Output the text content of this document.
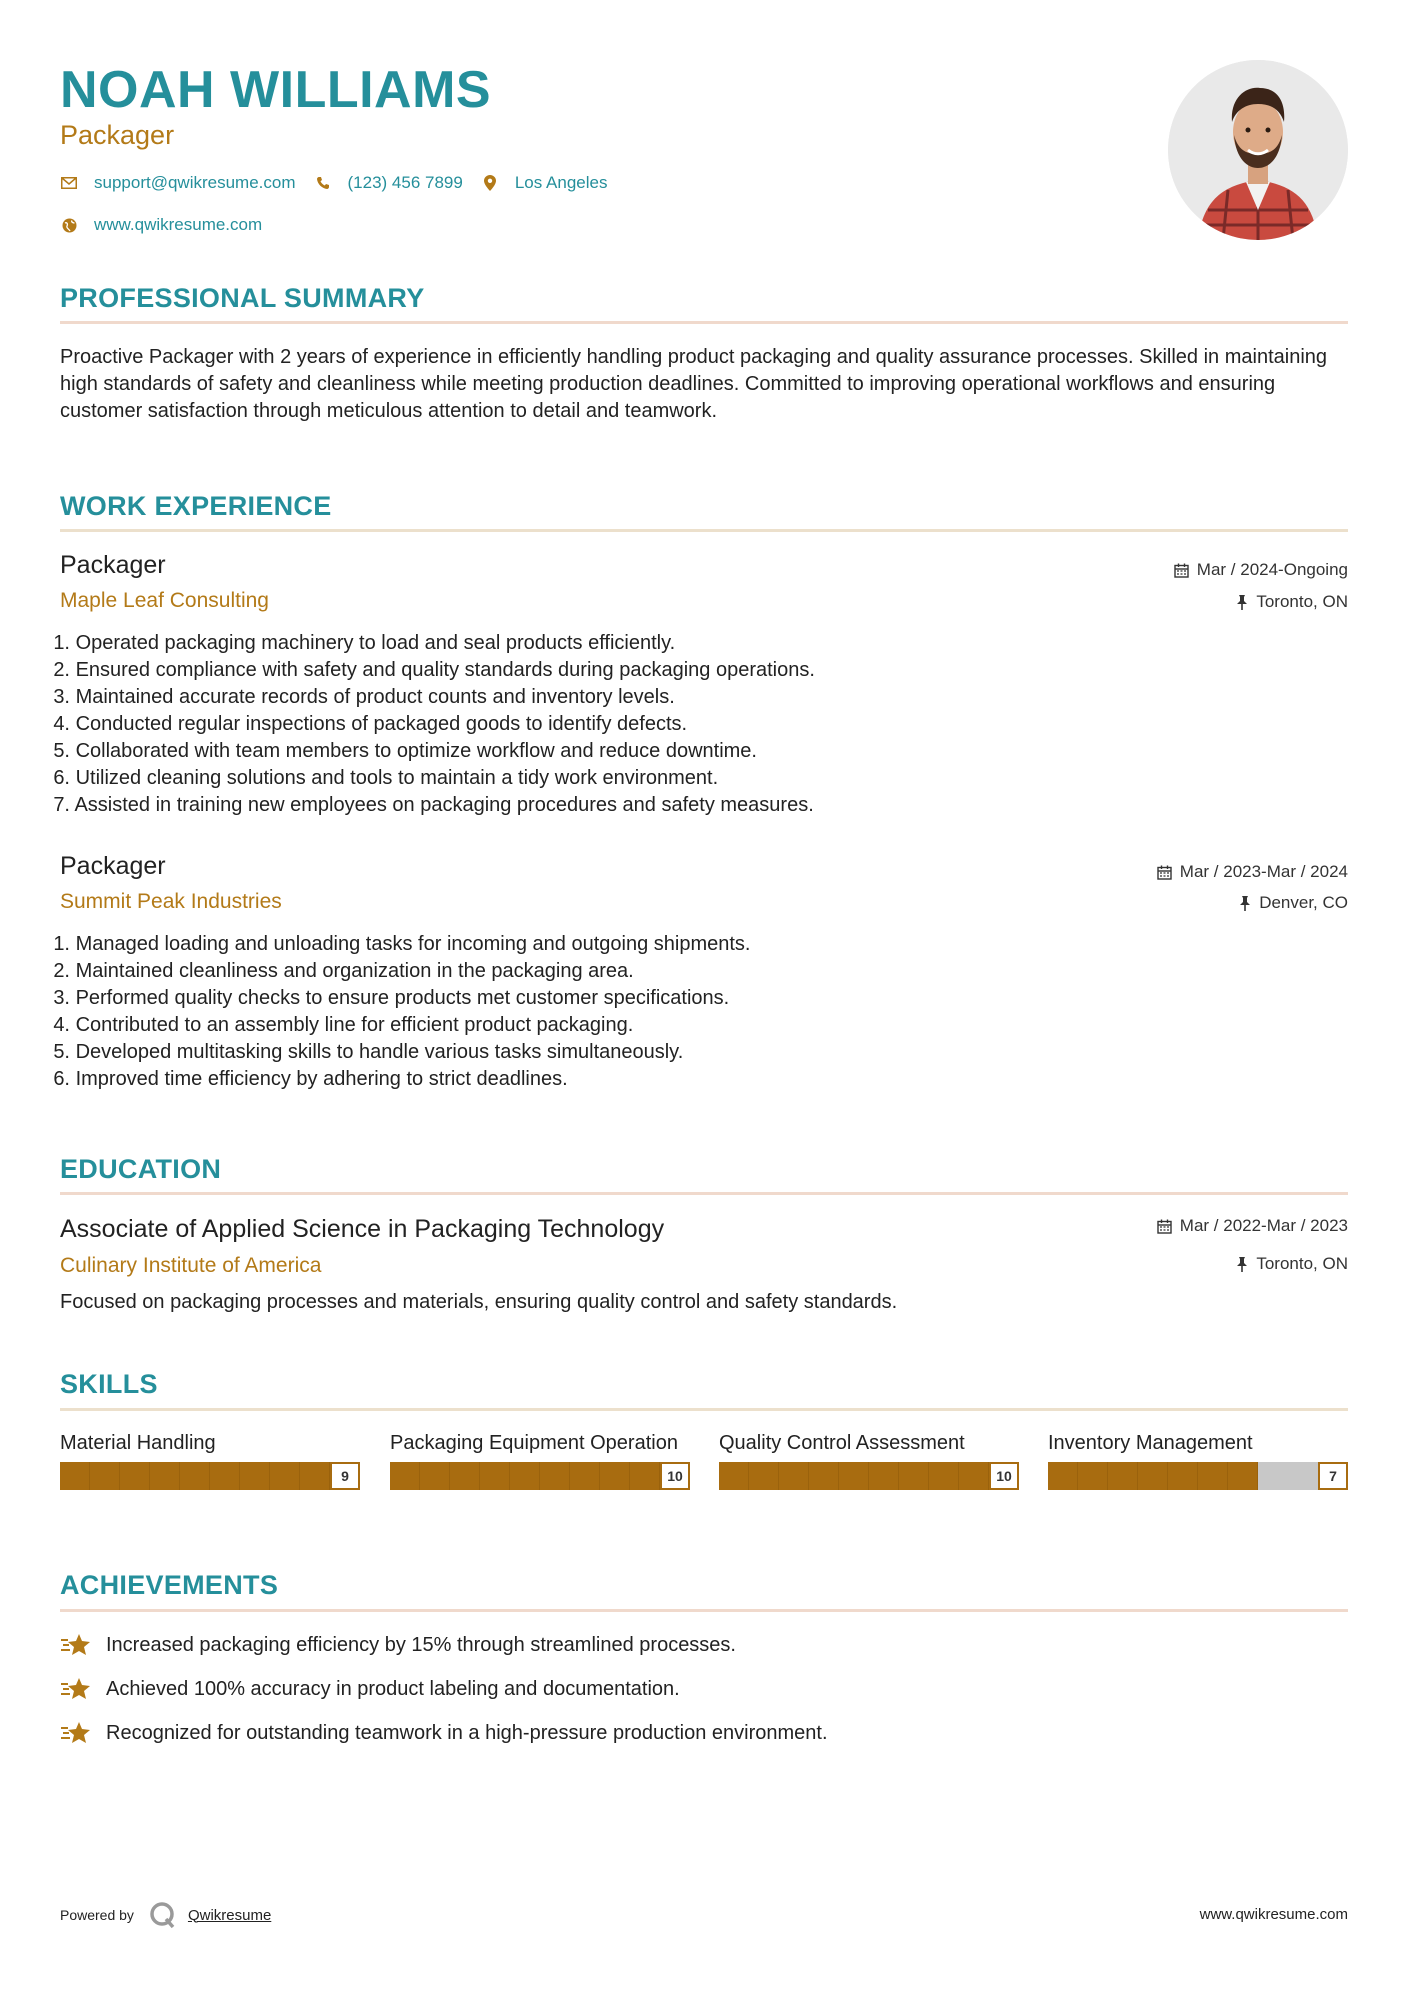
NOAH WILLIAMS
Packager
support@qwikresume.com	(123) 456 7899	Los Angeles
www.qwikresume.com
PROFESSIONAL SUMMARY
Proactive Packager with 2 years of experience in efficiently handling product packaging and quality assurance processes. Skilled in maintaining high standards of safety and cleanliness while meeting production deadlines. Committed to improving operational workflows and ensuring customer satisfaction through meticulous attention to detail and teamwork.
WORK EXPERIENCE
Packager
Maple Leaf Consulting
Mar / 2024-Ongoing
Toronto, ON
1. Operated packaging machinery to load and seal products efficiently.
2. Ensured compliance with safety and quality standards during packaging operations.
3. Maintained accurate records of product counts and inventory levels.
4. Conducted regular inspections of packaged goods to identify defects.
5. Collaborated with team members to optimize workflow and reduce downtime.
6. Utilized cleaning solutions and tools to maintain a tidy work environment.
7. Assisted in training new employees on packaging procedures and safety measures.
Packager
Summit Peak Industries
Mar / 2023-Mar / 2024
Denver, CO
1. Managed loading and unloading tasks for incoming and outgoing shipments.
2. Maintained cleanliness and organization in the packaging area.
3. Performed quality checks to ensure products met customer specifications.
4. Contributed to an assembly line for efficient product packaging.
5. Developed multitasking skills to handle various tasks simultaneously.
6. Improved time efficiency by adhering to strict deadlines.
EDUCATION
Associate of Applied Science in Packaging Technology
Culinary Institute of America
Mar / 2022-Mar / 2023
Toronto, ON
Focused on packaging processes and materials, ensuring quality control and safety standards.
SKILLS
Material Handling
9
Packaging Equipment Operation
10
Quality Control Assessment
10
Inventory Management
7
ACHIEVEMENTS
Increased packaging efficiency by 15% through streamlined processes.
Achieved 100% accuracy in product labeling and documentation.
Recognized for outstanding teamwork in a high-pressure production environment.
Powered by	Qwikresume	www.qwikresume.com
